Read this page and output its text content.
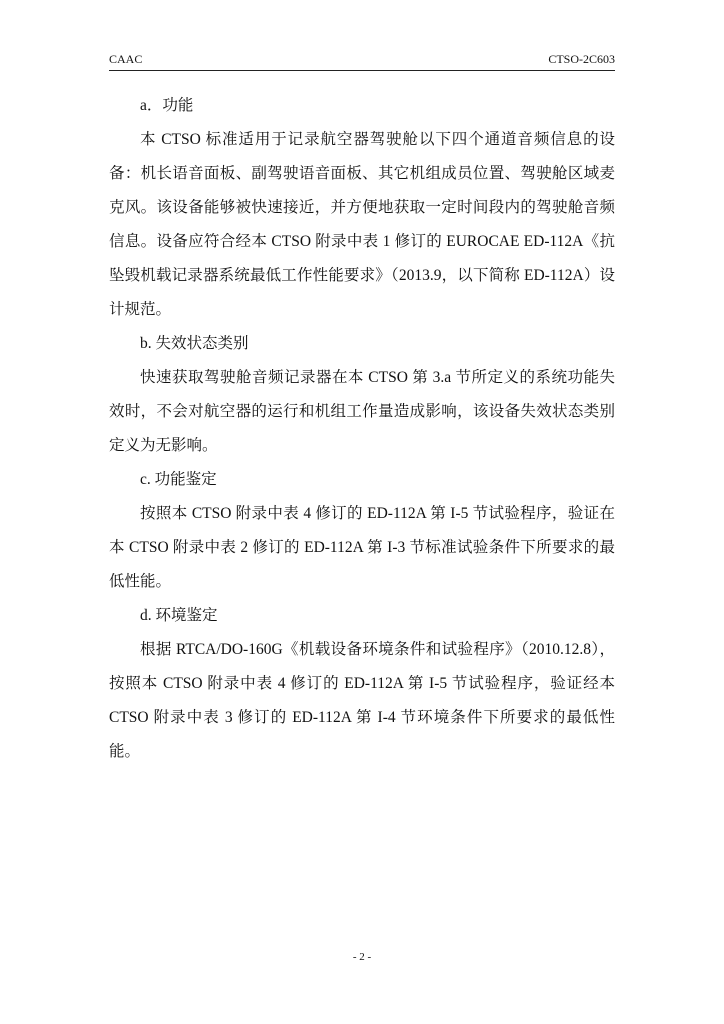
CAAC	CTSO-2C603

a．功能

本 CTSO 标准适用于记录航空器驾驶舱以下四个通道音频信息的设备：机长语音面板、副驾驶语音面板、其它机组成员位置、驾驶舱区域麦克风。该设备能够被快速接近，并方便地获取一定时间段内的驾驶舱音频信息。设备应符合经本 CTSO 附录中表 1 修订的 EUROCAE ED-112A《抗坠毁机载记录器系统最低工作性能要求》（2013.9，以下简称 ED-112A）设计规范。

b. 失效状态类别

快速获取驾驶舱音频记录器在本 CTSO 第 3.a 节所定义的系统功能失效时，不会对航空器的运行和机组工作量造成影响，该设备失效状态类别定义为无影响。

c. 功能鉴定

按照本 CTSO 附录中表 4 修订的 ED-112A 第 I-5 节试验程序，验证在本 CTSO 附录中表 2 修订的 ED-112A 第 I-3 节标准试验条件下所要求的最低性能。

d. 环境鉴定

根据 RTCA/DO-160G《机载设备环境条件和试验程序》（2010.12.8），按照本 CTSO 附录中表 4 修订的 ED-112A 第 I-5 节试验程序，验证经本 CTSO 附录中表 3 修订的 ED-112A 第 I-4 节环境条件下所要求的最低性能。

- 2 -
